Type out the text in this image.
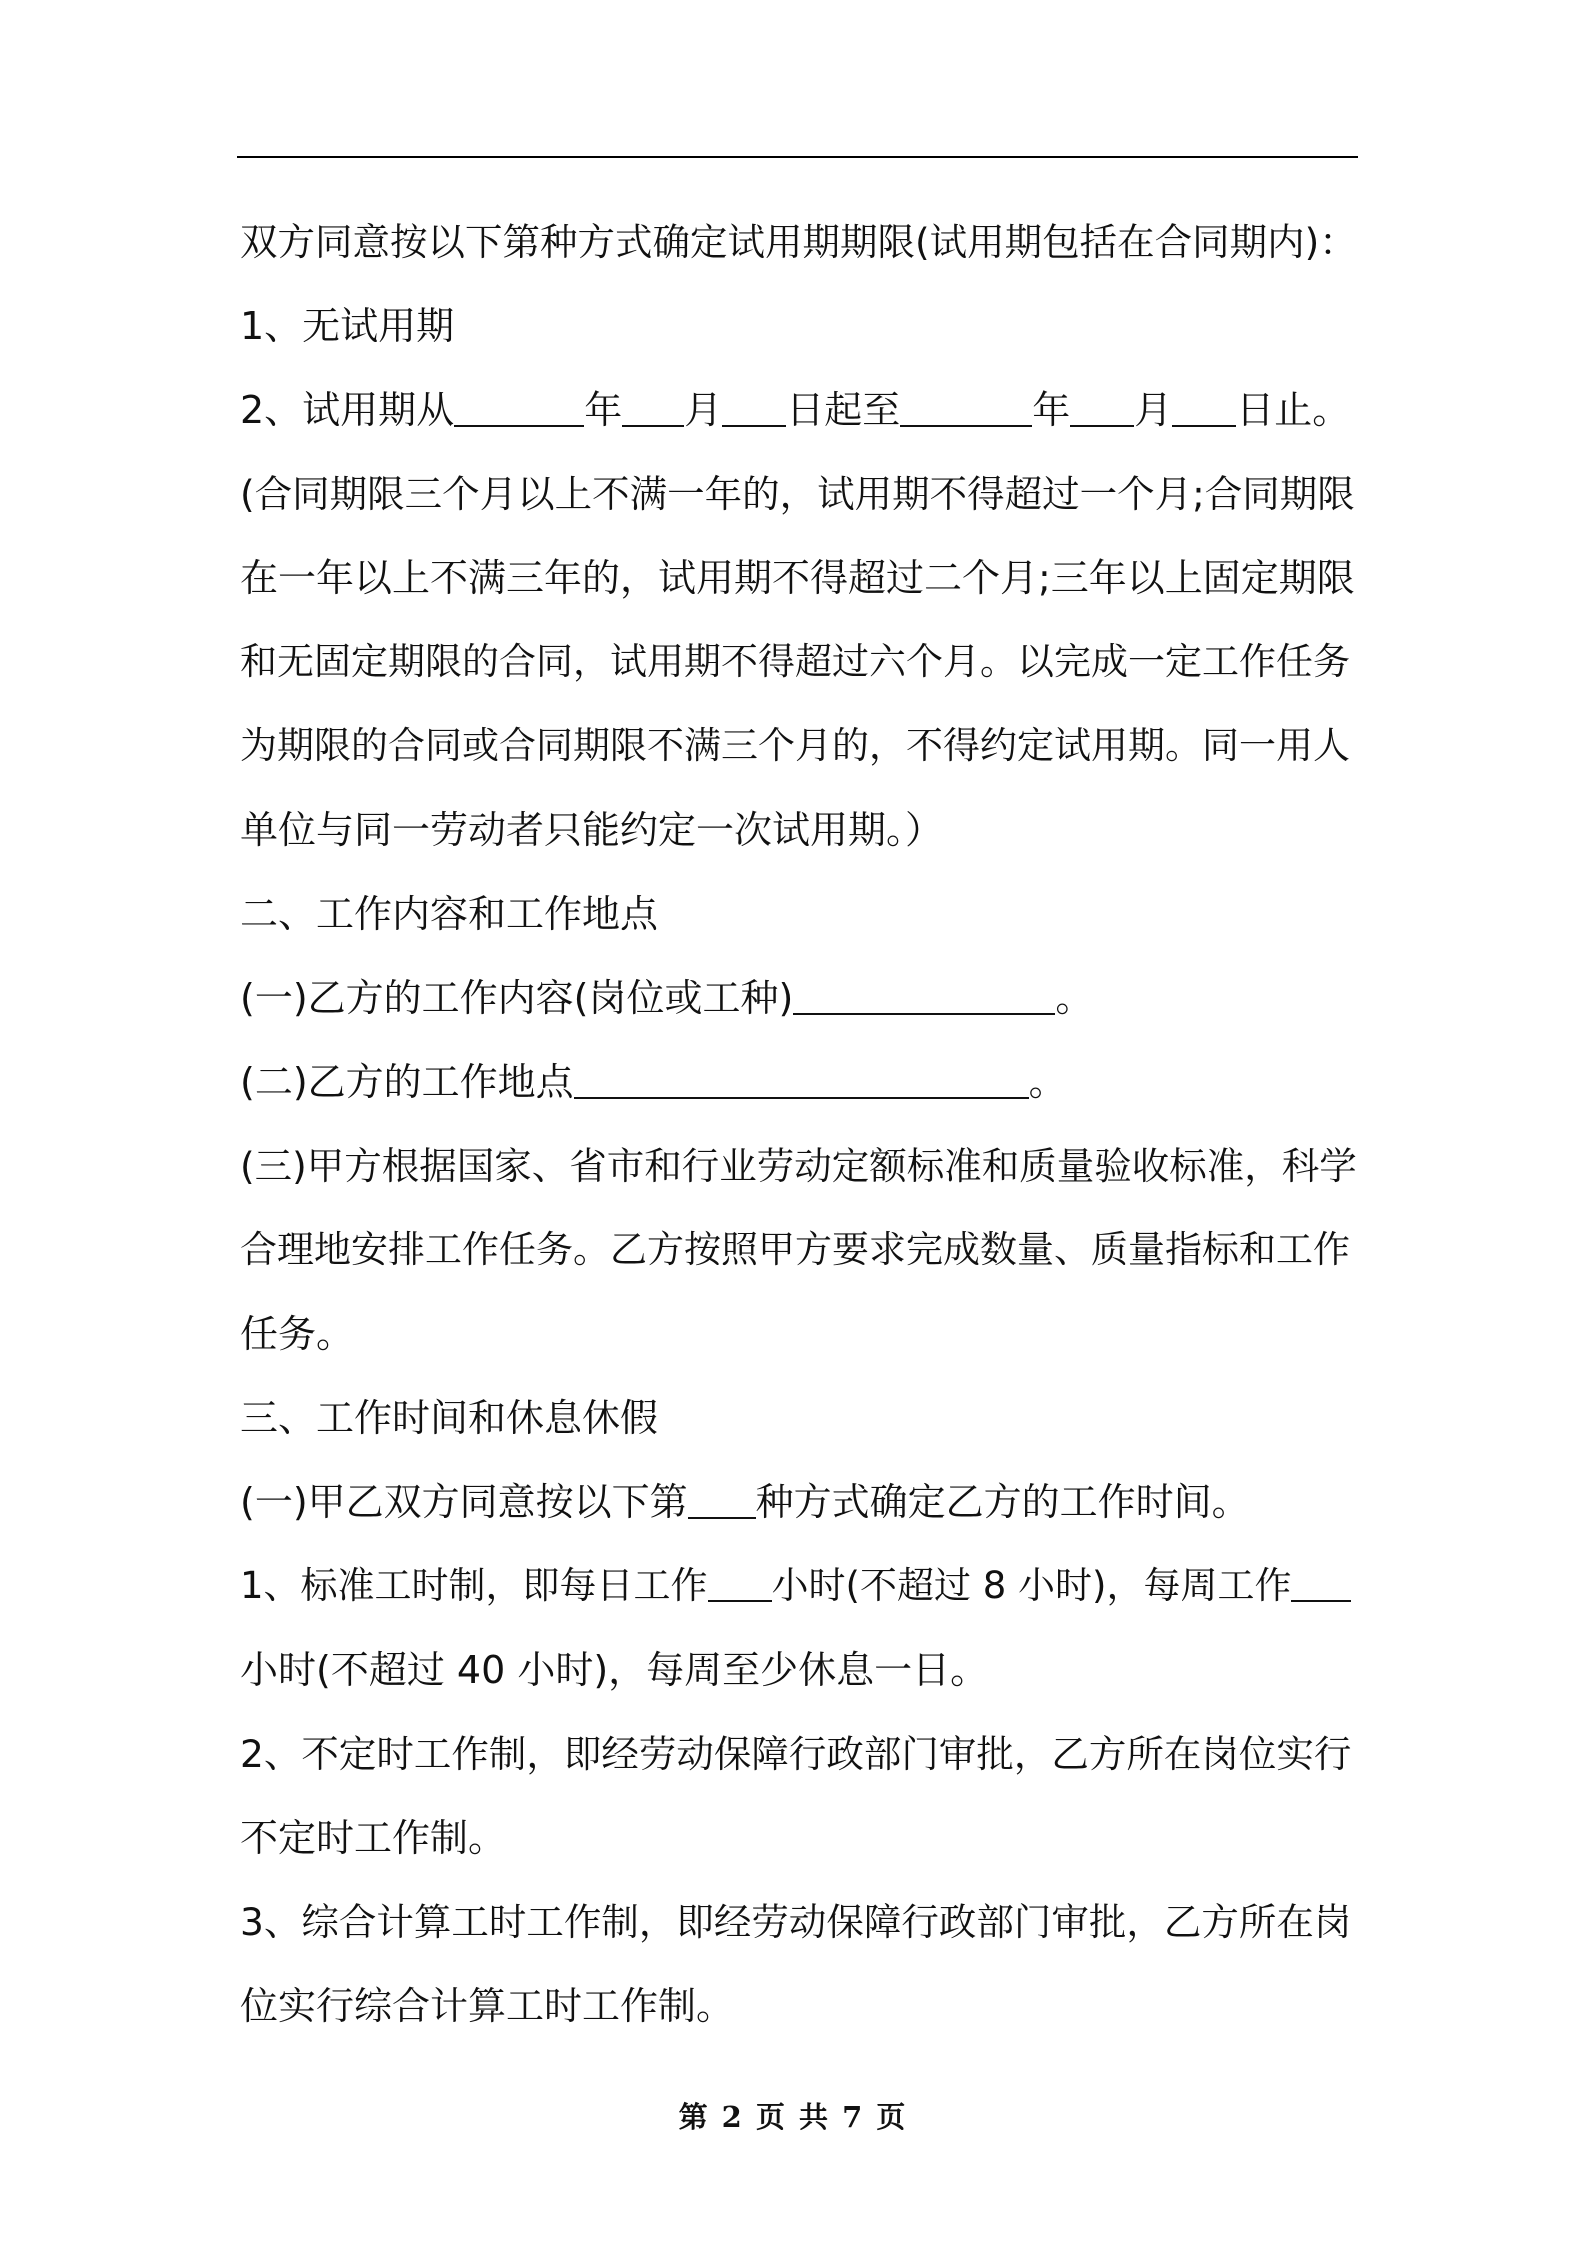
双方同意按以下第种方式确定试用期期限(试用期包括在合同期内)：
1、无试用期
2、试用期从	年 月 日起至	年 月 日止。
(合同期限三个月以上不满一年的，试用期不得超过一个月;合同期限
在一年以上不满三年的，试用期不得超过二个月;三年以上固定期限
和无固定期限的合同，试用期不得超过六个月。以完成一定工作任务
为期限的合同或合同期限不满三个月的，不得约定试用期。同一用人
单位与同一劳动者只能约定一次试用期。）
二、工作内容和工作地点
(一)乙方的工作内容(岗位或工种)	。
(二)乙方的工作地点	。
(三)甲方根据国家、省市和行业劳动定额标准和质量验收标准，科学
合理地安排工作任务。乙方按照甲方要求完成数量、质量指标和工作
任务。
三、工作时间和休息休假
(一)甲乙双方同意按以下第 种方式确定乙方的工作时间。
1、标准工时制，即每日工作 小时(不超过 8 小时)，每周工作
小时(不超过 40 小时)，每周至少休息一日。
2、不定时工作制，即经劳动保障行政部门审批，乙方所在岗位实行
不定时工作制。
3、综合计算工时工作制，即经劳动保障行政部门审批，乙方所在岗
位实行综合计算工时工作制。
第 2 页 共 7 页
